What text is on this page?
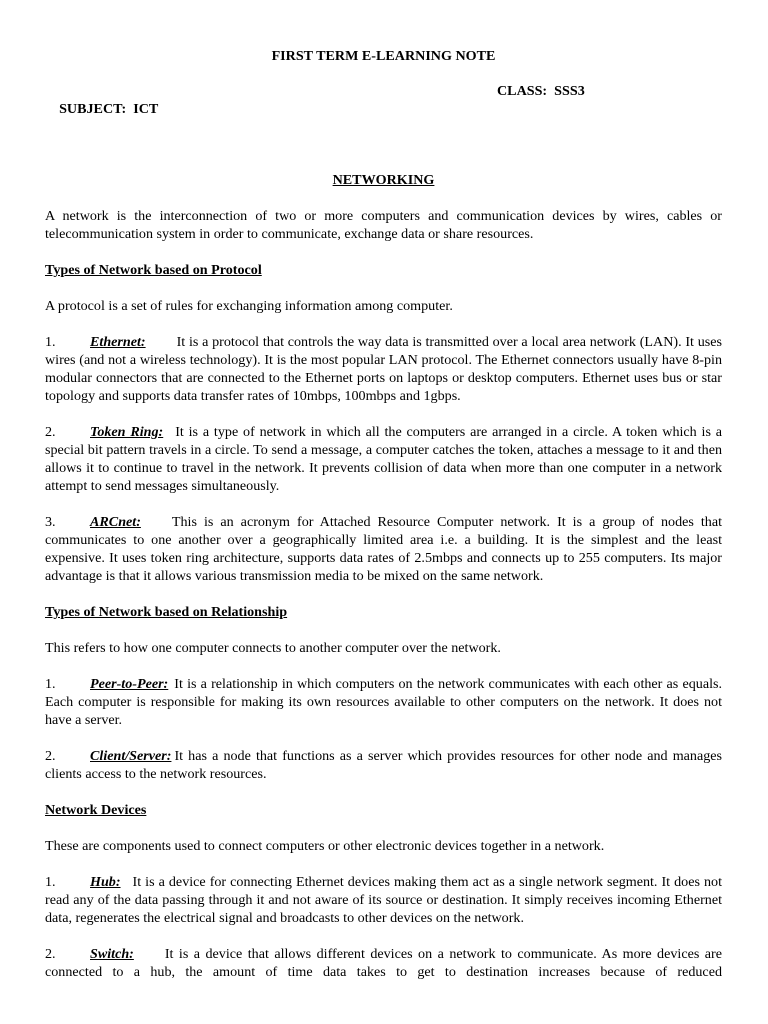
FIRST TERM E-LEARNING NOTE

SUBJECT:  ICT

CLASS:  SSS3

NETWORKING

A network is the interconnection of two or more computers and communication devices by wires, cables or telecommunication system in order to communicate, exchange data or share resources.

Types of Network based on Protocol

A protocol is a set of rules for exchanging information among computer.

1. Ethernet: It is a protocol that controls the way data is transmitted over a local area network (LAN). It uses wires (and not a wireless technology). It is the most popular LAN protocol. The Ethernet connectors usually have 8-pin modular connectors that are connected to the Ethernet ports on laptops or desktop computers. Ethernet uses bus or star topology and supports data transfer rates of 10mbps, 100mbps and 1gbps.

2. Token Ring: It is a type of network in which all the computers are arranged in a circle. A token which is a special bit pattern travels in a circle. To send a message, a computer catches the token, attaches a message to it and then allows it to continue to travel in the network. It prevents collision of data when more than one computer in a network attempt to send messages simultaneously.

3. ARCnet: This is an acronym for Attached Resource Computer network. It is a group of nodes that communicates to one another over a geographically limited area i.e. a building. It is the simplest and the least expensive. It uses token ring architecture, supports data rates of 2.5mbps and connects up to 255 computers. Its major advantage is that it allows various transmission media to be mixed on the same network.

Types of Network based on Relationship

This refers to how one computer connects to another computer over the network.

1. Peer-to-Peer: It is a relationship in which computers on the network communicates with each other as equals. Each computer is responsible for making its own resources available to other computers on the network. It does not have a server.

2. Client/Server: It has a node that functions as a server which provides resources for other node and manages clients access to the network resources.

Network Devices

These are components used to connect computers or other electronic devices together in a network.

1. Hub: It is a device for connecting Ethernet devices making them act as a single network segment. It does not read any of the data passing through it and not aware of its source or destination. It simply receives incoming Ethernet data, regenerates the electrical signal and broadcasts to other devices on the network.

2. Switch: It is a device that allows different devices on a network to communicate. As more devices are connected to a hub, the amount of time data takes to get to destination increases because of reduced
